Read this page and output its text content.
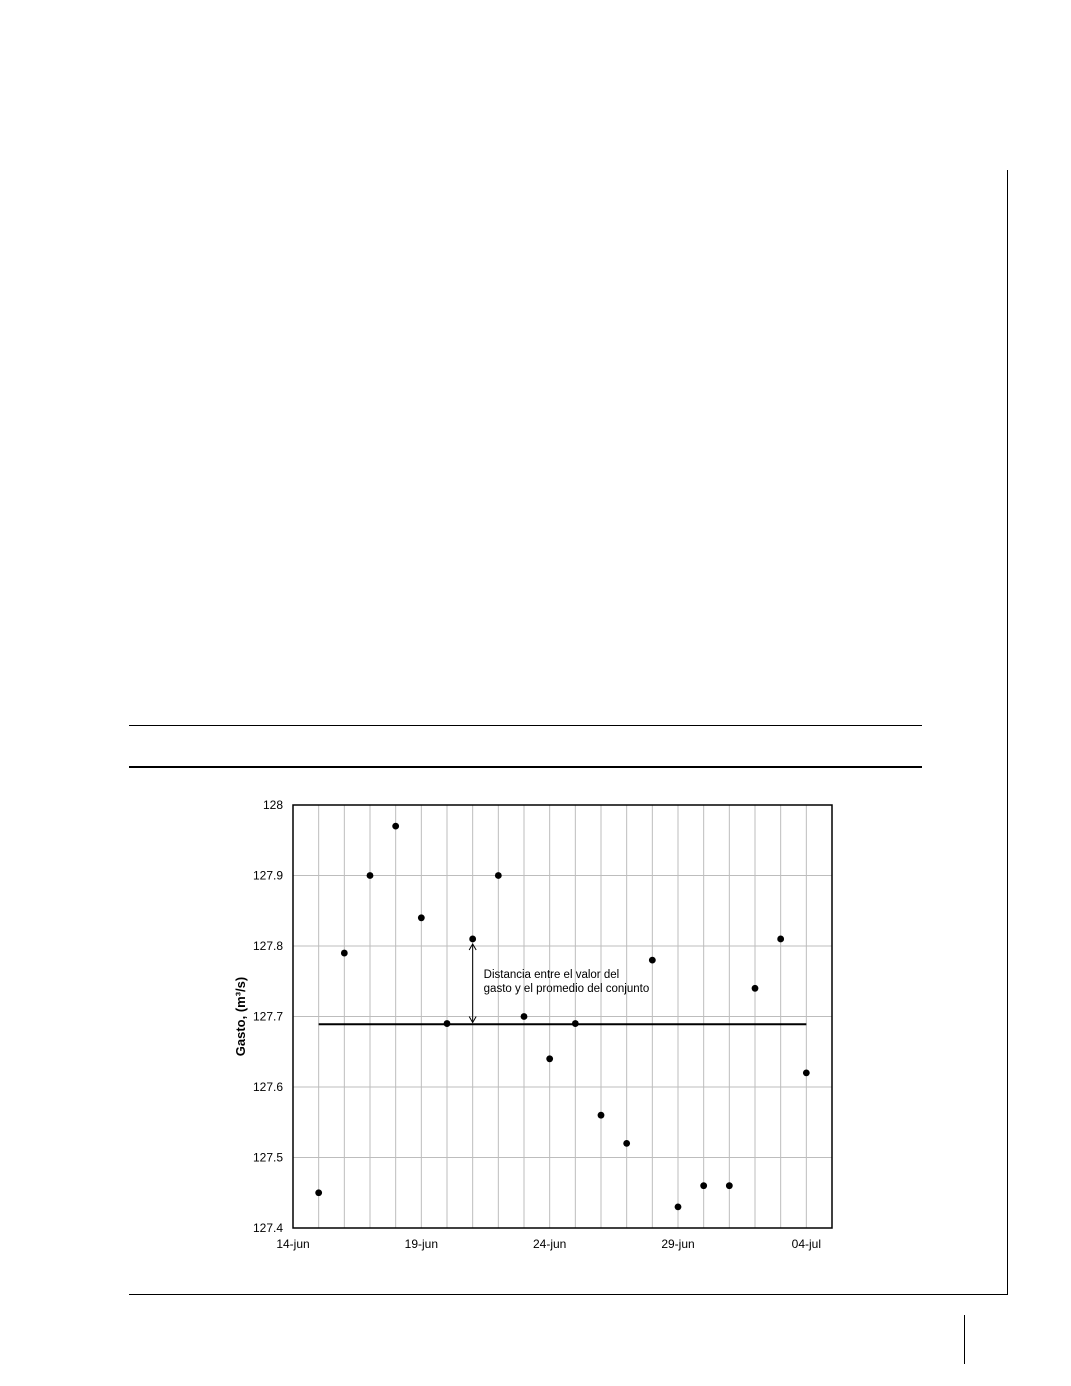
Distancia entre el valor del
gasto y el promedio del conjunto
14-jun	19-jun	24-jun	29-jun	04-jul
127.4
127.5
127.6
127.7
127.8
127.9
128
Gasto, (m³/s)
